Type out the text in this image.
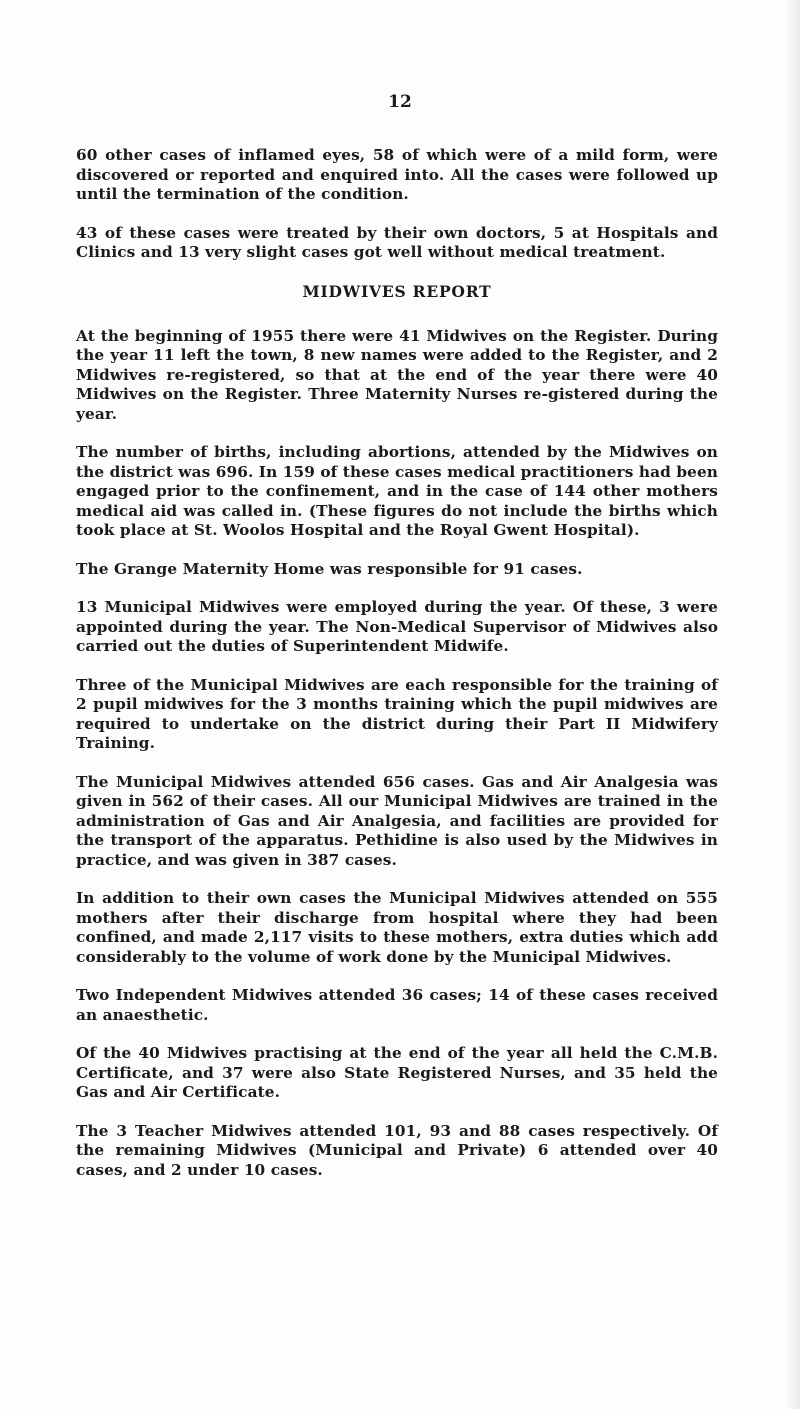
12

60 other cases of inflamed eyes, 58 of which were of a mild form, were discovered or reported and enquired into. All the cases were followed up until the termination of the condition.

43 of these cases were treated by their own doctors, 5 at Hospitals and Clinics and 13 very slight cases got well without medical treatment.

MIDWIVES REPORT

At the beginning of 1955 there were 41 Midwives on the Register. During the year 11 left the town, 8 new names were added to the Register, and 2 Midwives re-registered, so that at the end of the year there were 40 Midwives on the Register. Three Maternity Nurses re-gistered during the year.

The number of births, including abortions, attended by the Midwives on the district was 696. In 159 of these cases medical practitioners had been engaged prior to the confinement, and in the case of 144 other mothers medical aid was called in. (These figures do not include the births which took place at St. Woolos Hospital and the Royal Gwent Hospital).

The Grange Maternity Home was responsible for 91 cases.

13 Municipal Midwives were employed during the year. Of these, 3 were appointed during the year. The Non-Medical Supervisor of Midwives also carried out the duties of Superintendent Midwife.

Three of the Municipal Midwives are each responsible for the training of 2 pupil midwives for the 3 months training which the pupil midwives are required to undertake on the district during their Part II Midwifery Training.

The Municipal Midwives attended 656 cases. Gas and Air Analgesia was given in 562 of their cases. All our Municipal Midwives are trained in the administration of Gas and Air Analgesia, and facilities are provided for the transport of the apparatus. Pethidine is also used by the Midwives in practice, and was given in 387 cases.

In addition to their own cases the Municipal Midwives attended on 555 mothers after their discharge from hospital where they had been confined, and made 2,117 visits to these mothers, extra duties which add considerably to the volume of work done by the Municipal Midwives.

Two Independent Midwives attended 36 cases; 14 of these cases received an anaesthetic.

Of the 40 Midwives practising at the end of the year all held the C.M.B. Certificate, and 37 were also State Registered Nurses, and 35 held the Gas and Air Certificate.

The 3 Teacher Midwives attended 101, 93 and 88 cases respectively. Of the remaining Midwives (Municipal and Private) 6 attended over 40 cases, and 2 under 10 cases.
